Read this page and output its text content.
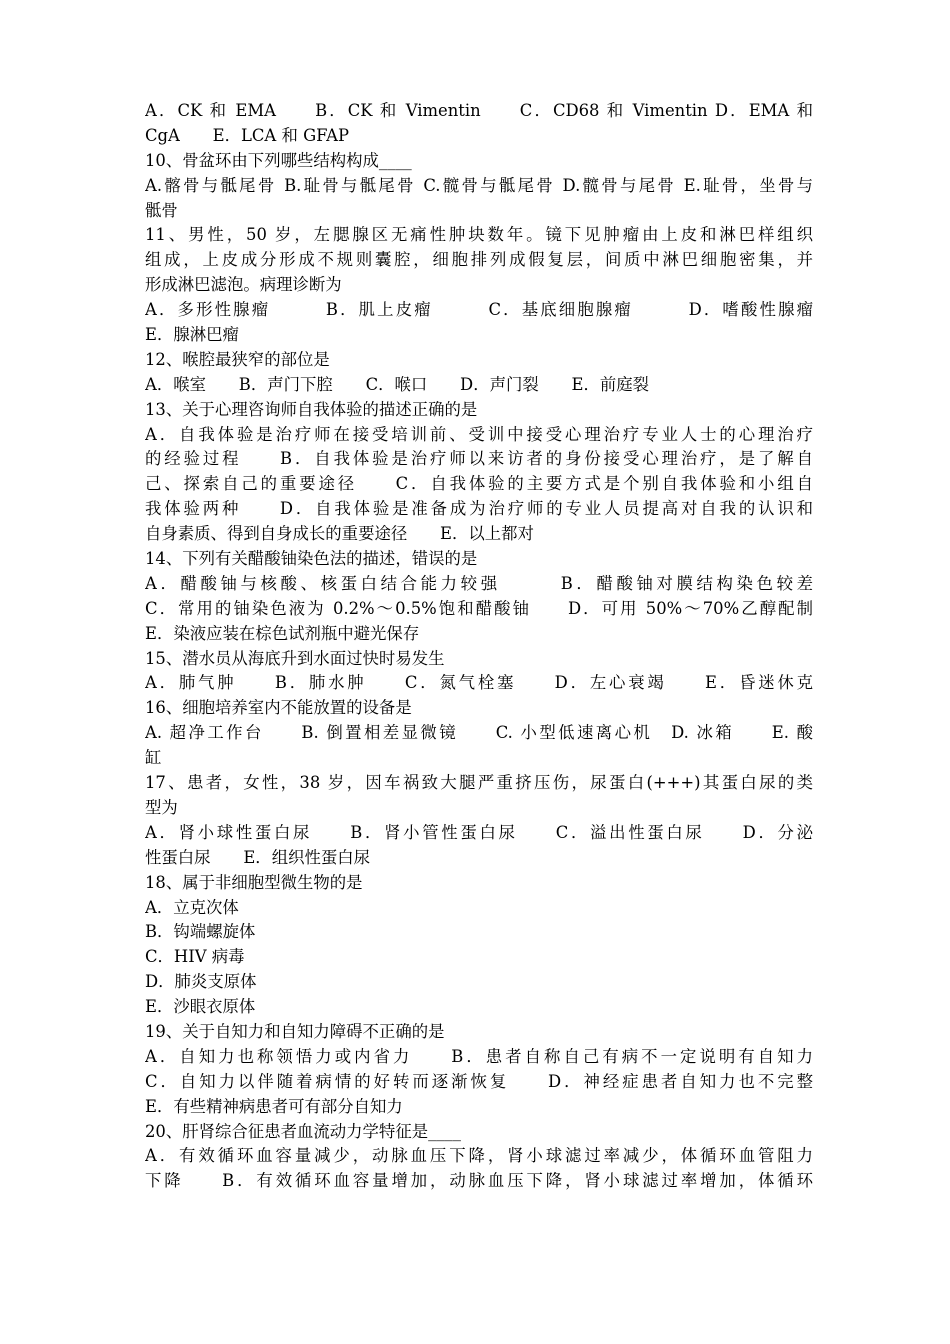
A．CK 和 EMA　　B．CK 和 Vimentin　　C．CD68 和 Vimentin D．EMA 和
CgA　　E．LCA 和 GFAP
10、骨盆环由下列哪些结构构成____
A.髂骨与骶尾骨 B.耻骨与骶尾骨 C.髋骨与骶尾骨 D.髋骨与尾骨 E.耻骨，坐骨与
骶骨
11、男性，50 岁，左腮腺区无痛性肿块数年。镜下见肿瘤由上皮和淋巴样组织
组成，上皮成分形成不规则囊腔，细胞排列成假复层，间质中淋巴细胞密集，并
形成淋巴滤泡。病理诊断为
A．多形性腺瘤　　　B．肌上皮瘤　　　C．基底细胞腺瘤　　　D．嗜酸性腺瘤
E．腺淋巴瘤
12、喉腔最狭窄的部位是
A．喉室　　B．声门下腔　　C．喉口　　D．声门裂　　E．前庭裂
13、关于心理咨询师自我体验的描述正确的是
A．自我体验是治疗师在接受培训前、受训中接受心理治疗专业人士的心理治疗
的经验过程　　B．自我体验是治疗师以来访者的身份接受心理治疗，是了解自
己、探索自己的重要途径　　C．自我体验的主要方式是个别自我体验和小组自
我体验两种　　D．自我体验是准备成为治疗师的专业人员提高对自我的认识和
自身素质、得到自身成长的重要途径　　E．以上都对
14、下列有关醋酸铀染色法的描述，错误的是
A．醋酸铀与核酸、核蛋白结合能力较强　　　B．醋酸铀对膜结构染色较差
C．常用的铀染色液为 0.2%～0.5%饱和醋酸铀　　D．可用 50%～70%乙醇配制
E．染液应装在棕色试剂瓶中避光保存
15、潜水员从海底升到水面过快时易发生
A．肺气肿　　B．肺水肿　　C．氮气栓塞　　D．左心衰竭　　E．昏迷休克
16、细胞培养室内不能放置的设备是
A. 超净工作台　　B. 倒置相差显微镜　　C. 小型低速离心机　D. 冰箱　　E. 酸
缸
17、患者，女性，38 岁，因车祸致大腿严重挤压伤，尿蛋白(+++)其蛋白尿的类
型为
A．肾小球性蛋白尿　　B．肾小管性蛋白尿　　C．溢出性蛋白尿　　D．分泌
性蛋白尿　　E．组织性蛋白尿
18、属于非细胞型微生物的是
A．立克次体
B．钩端螺旋体
C．HIV 病毒
D．肺炎支原体
E．沙眼衣原体
19、关于自知力和自知力障碍不正确的是
A．自知力也称领悟力或内省力　　B．患者自称自己有病不一定说明有自知力
C．自知力以伴随着病情的好转而逐渐恢复　　D．神经症患者自知力也不完整
E．有些精神病患者可有部分自知力
20、肝肾综合征患者血流动力学特征是____
A．有效循环血容量减少，动脉血压下降，肾小球滤过率减少，体循环血管阻力
下降　　B．有效循环血容量增加，动脉血压下降，肾小球滤过率增加，体循环
